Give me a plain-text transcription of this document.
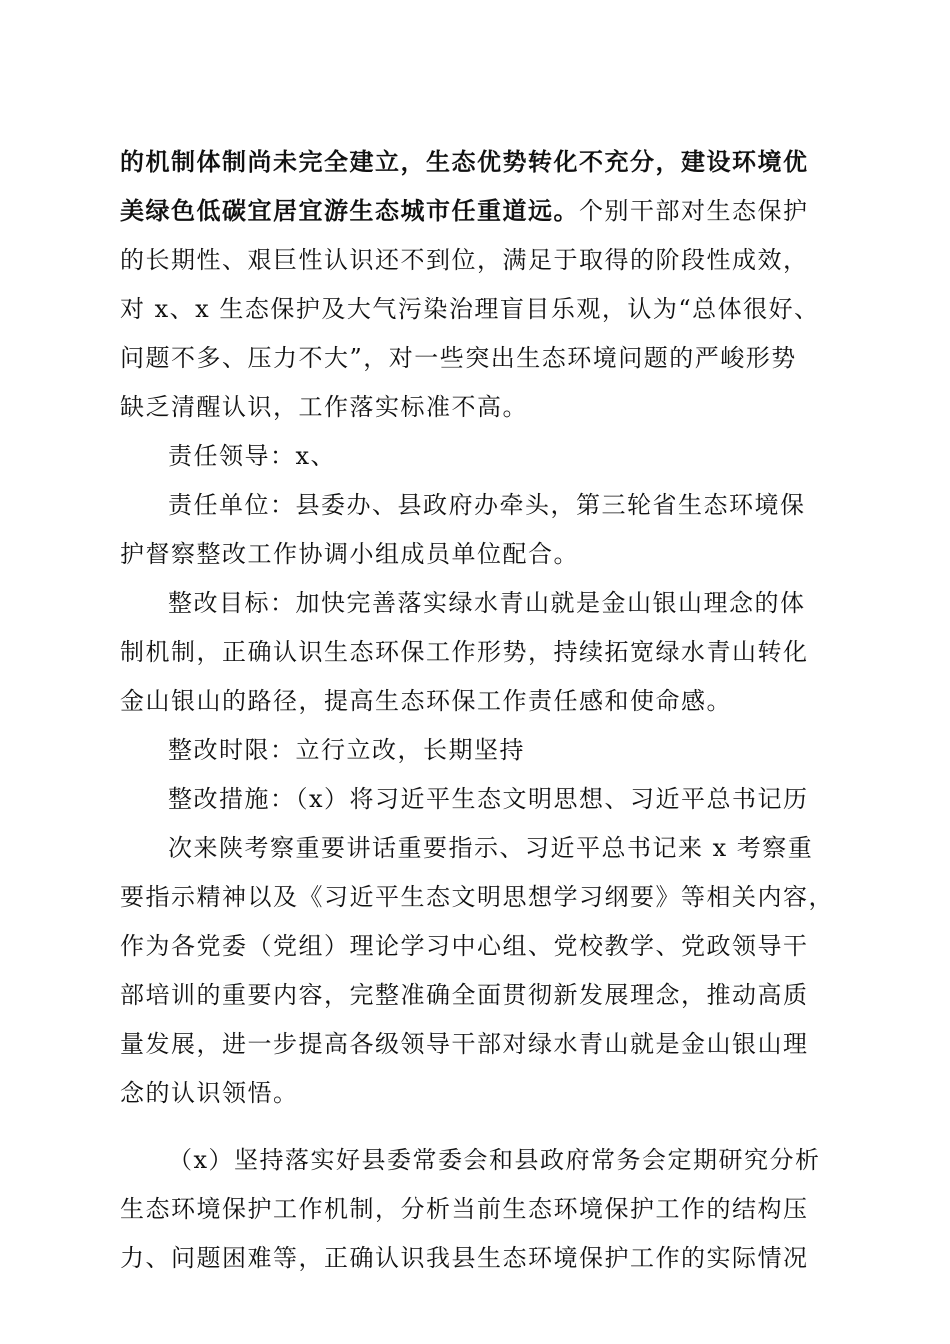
的机制体制尚未完全建立，生态优势转化不充分，建设环境优
美绿色低碳宜居宜游生态城市任重道远。个别干部对生态保护
的长期性、艰巨性认识还不到位，满足于取得的阶段性成效，
对 x、x 生态保护及大气污染治理盲目乐观，认为“总体很好、
问题不多、压力不大”，对一些突出生态环境问题的严峻形势
缺乏清醒认识，工作落实标准不高。
责任领导：x、
责任单位：县委办、县政府办牵头，第三轮省生态环境保
护督察整改工作协调小组成员单位配合。
整改目标：加快完善落实绿水青山就是金山银山理念的体
制机制，正确认识生态环保工作形势，持续拓宽绿水青山转化
金山银山的路径，提高生态环保工作责任感和使命感。
整改时限：立行立改，长期坚持
整改措施：（x）将习近平生态文明思想、习近平总书记历
次来陕考察重要讲话重要指示、习近平总书记来 x 考察重
要指示精神以及《习近平生态文明思想学习纲要》等相关内容，
作为各党委（党组）理论学习中心组、党校教学、党政领导干
部培训的重要内容，完整准确全面贯彻新发展理念，推动高质
量发展，进一步提高各级领导干部对绿水青山就是金山银山理
念的认识领悟。
（x）坚持落实好县委常委会和县政府常务会定期研究分析
生态环境保护工作机制，分析当前生态环境保护工作的结构压
力、问题困难等，正确认识我县生态环境保护工作的实际情况
